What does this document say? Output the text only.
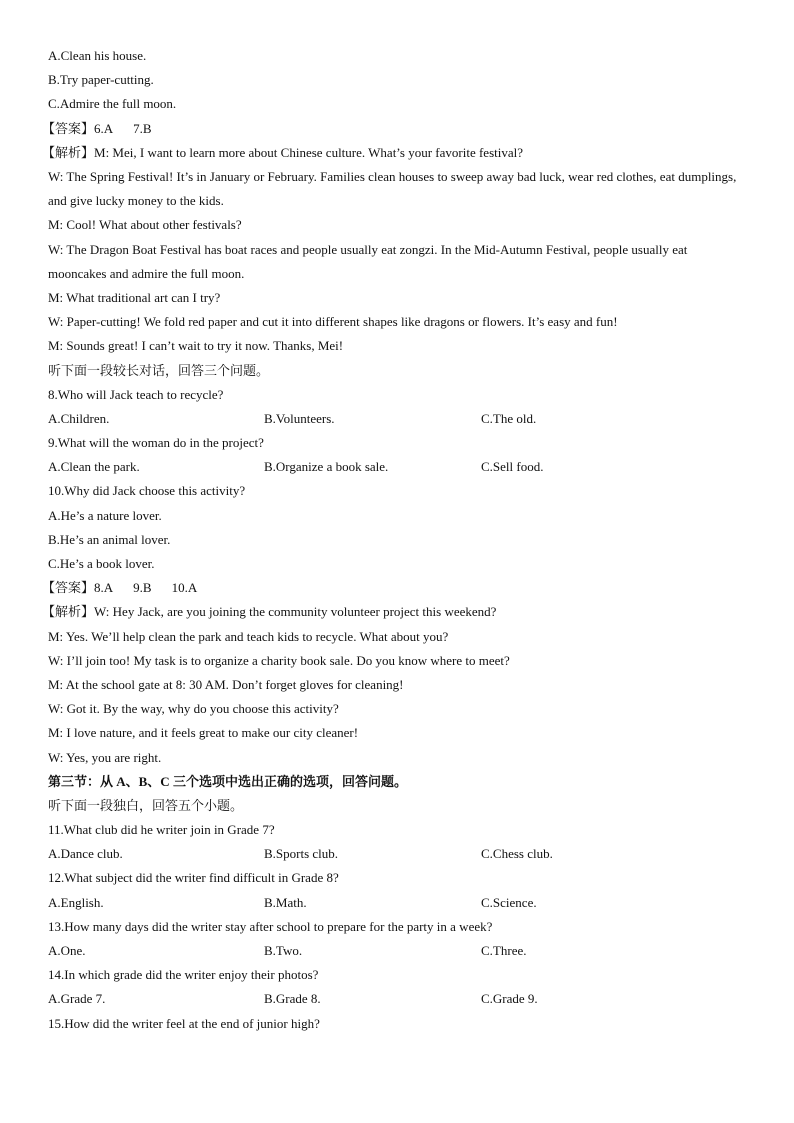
A.Clean his house.
B.Try paper-cutting.
C.Admire the full moon.
【答案】6.A 7.B
【解析】M: Mei, I want to learn more about Chinese culture. What’s your favorite festival?
W: The Spring Festival! It’s in January or February. Families clean houses to sweep away bad luck, wear red clothes, eat dumplings, and give lucky money to the kids.
M: Cool! What about other festivals?
W: The Dragon Boat Festival has boat races and people usually eat zongzi. In the Mid-Autumn Festival, people usually eat mooncakes and admire the full moon.
M: What traditional art can I try?
W: Paper-cutting! We fold red paper and cut it into different shapes like dragons or flowers. It’s easy and fun!
M: Sounds great! I can’t wait to try it now. Thanks, Mei!
听下面一段较长对话，回答三个问题。
8.Who will Jack teach to recycle?
A.Children.	B.Volunteers.	C.The old.
9.What will the woman do in the project?
A.Clean the park.	B.Organize a book sale.	C.Sell food.
10.Why did Jack choose this activity?
A.He’s a nature lover.
B.He’s an animal lover.
C.He’s a book lover.
【答案】8.A 9.B 10.A
【解析】W: Hey Jack, are you joining the community volunteer project this weekend?
M: Yes. We’ll help clean the park and teach kids to recycle. What about you?
W: I’ll join too! My task is to organize a charity book sale. Do you know where to meet?
M: At the school gate at 8: 30 AM. Don’t forget gloves for cleaning!
W: Got it. By the way, why do you choose this activity?
M: I love nature, and it feels great to make our city cleaner!
W: Yes, you are right.
第三节：从 A、B、C 三个选项中选出正确的选项，回答问题。
听下面一段独白，回答五个小题。
11.What club did he writer join in Grade 7?
A.Dance club.	B.Sports club.	C.Chess club.
12.What subject did the writer find difficult in Grade 8?
A.English.	B.Math.	C.Science.
13.How many days did the writer stay after school to prepare for the party in a week?
A.One.	B.Two.	C.Three.
14.In which grade did the writer enjoy their photos?
A.Grade 7.	B.Grade 8.	C.Grade 9.
15.How did the writer feel at the end of junior high?
